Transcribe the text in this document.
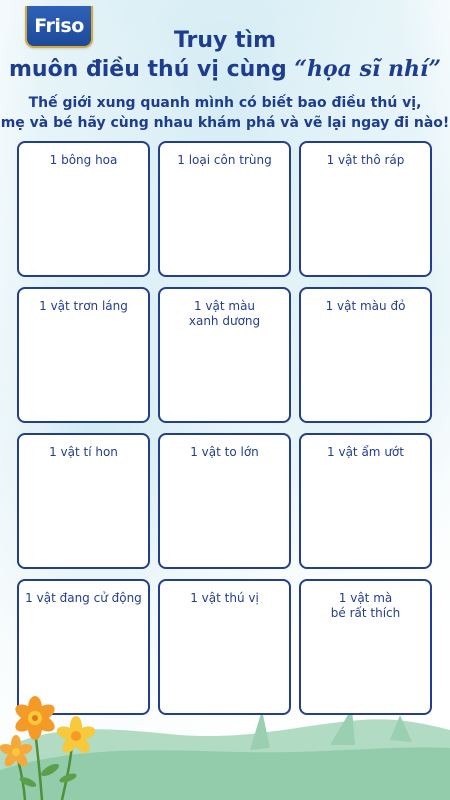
Friso
Truy tìm
muôn điều thú vị cùng “họa sĩ nhí”
Thế giới xung quanh mình có biết bao điều thú vị,
mẹ và bé hãy cùng nhau khám phá và vẽ lại ngay đi nào!
1 bông hoa	1 loại côn trùng	1 vật thô ráp
1 vật trơn láng	1 vật màu
xanh dương
1 vật màu đỏ
1 vật tí hon	1 vật to lớn	1 vật ẩm ướt
1 vật đang cử động	1 vật thú vị	1 vật mà
bé rất thích
